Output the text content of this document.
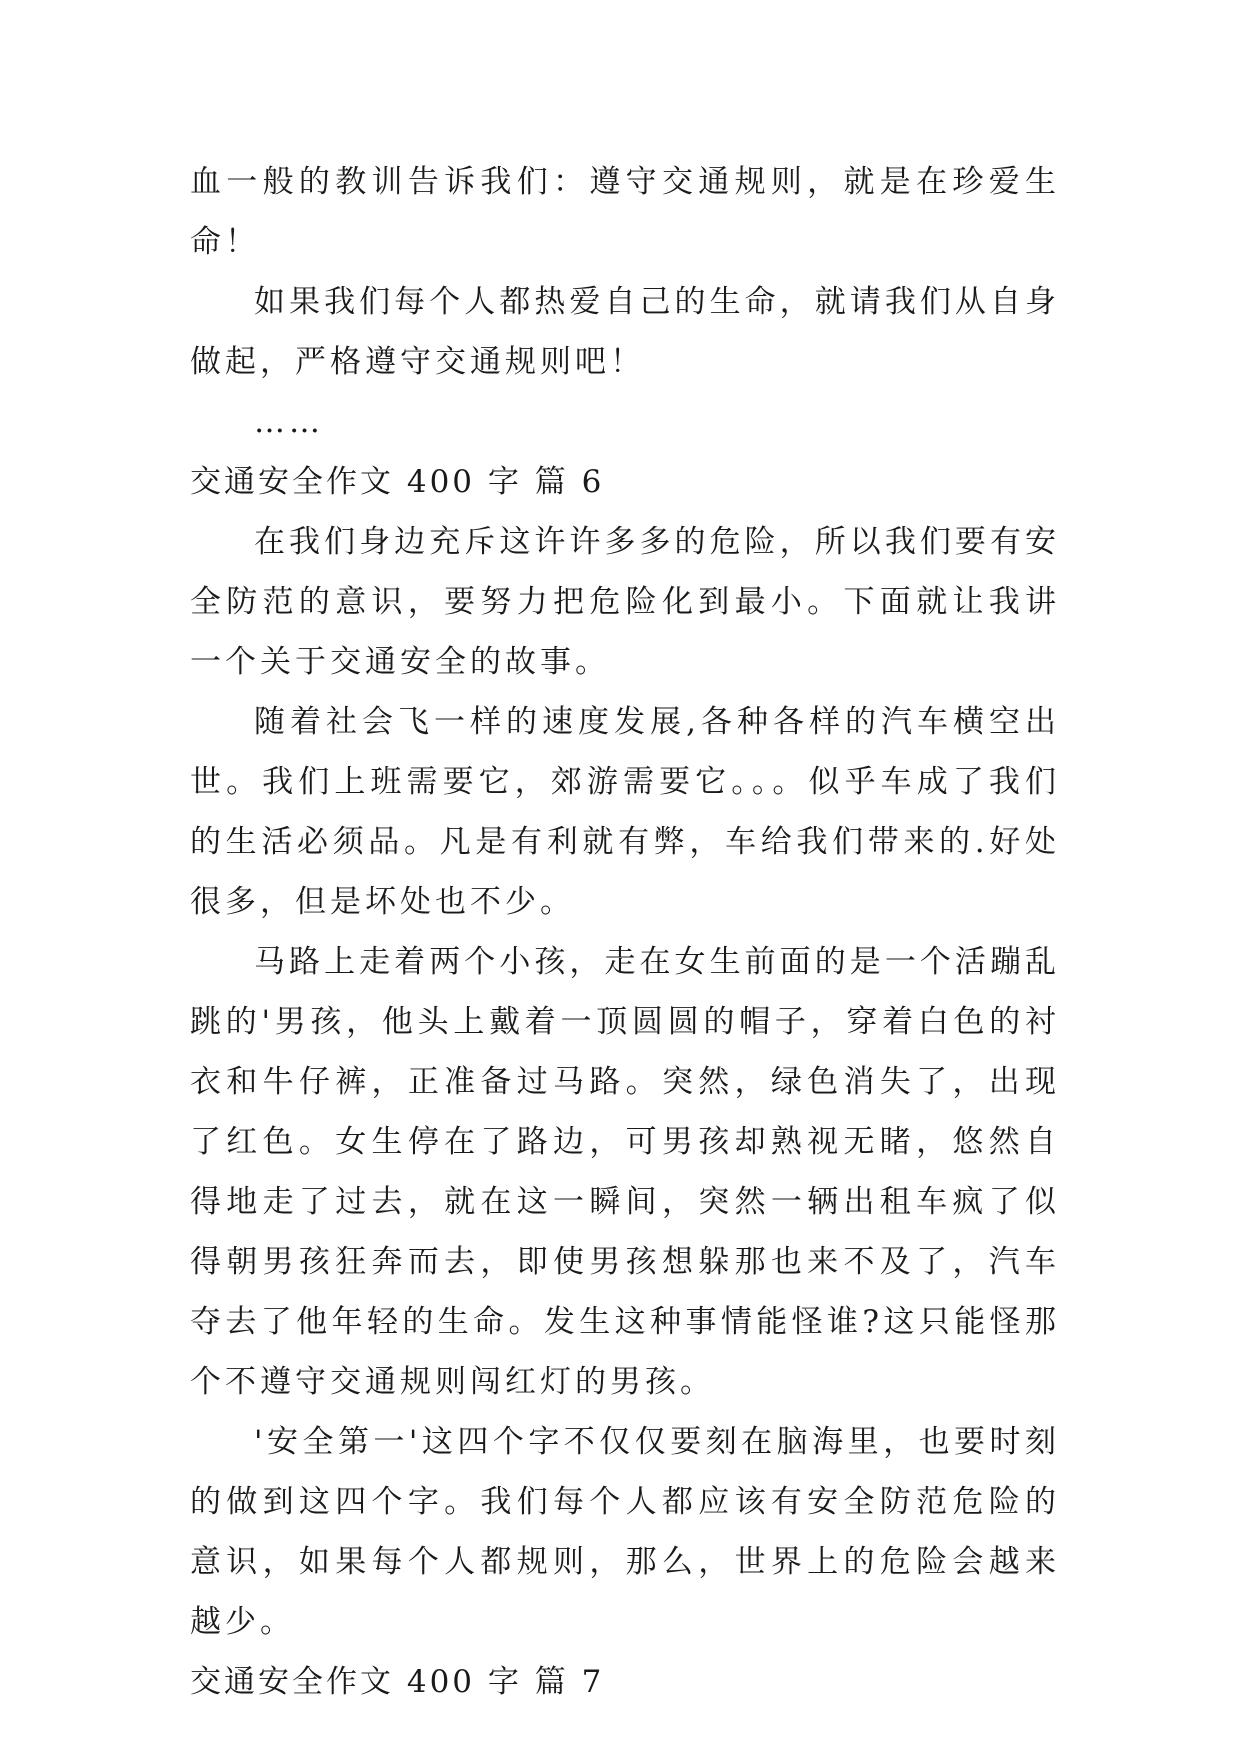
血一般的教训告诉我们：遵守交通规则，就是在珍爱生命！

如果我们每个人都热爱自己的生命，就请我们从自身做起，严格遵守交通规则吧！

……

交通安全作文 400 字 篇 6

在我们身边充斥这许许多多的危险，所以我们要有安全防范的意识，要努力把危险化到最小。下面就让我讲一个关于交通安全的故事。

随着社会飞一样的速度发展,各种各样的汽车横空出世。我们上班需要它，郊游需要它。。。似乎车成了我们的生活必须品。凡是有利就有弊，车给我们带来的.好处很多，但是坏处也不少。

马路上走着两个小孩，走在女生前面的是一个活蹦乱跳的'男孩，他头上戴着一顶圆圆的帽子，穿着白色的衬衣和牛仔裤，正准备过马路。突然，绿色消失了，出现了红色。女生停在了路边，可男孩却熟视无睹，悠然自得地走了过去，就在这一瞬间，突然一辆出租车疯了似得朝男孩狂奔而去，即使男孩想躲那也来不及了，汽车夺去了他年轻的生命。发生这种事情能怪谁?这只能怪那个不遵守交通规则闯红灯的男孩。

'安全第一'这四个字不仅仅要刻在脑海里，也要时刻的做到这四个字。我们每个人都应该有安全防范危险的意识，如果每个人都规则，那么，世界上的危险会越来越少。

交通安全作文 400 字 篇 7
